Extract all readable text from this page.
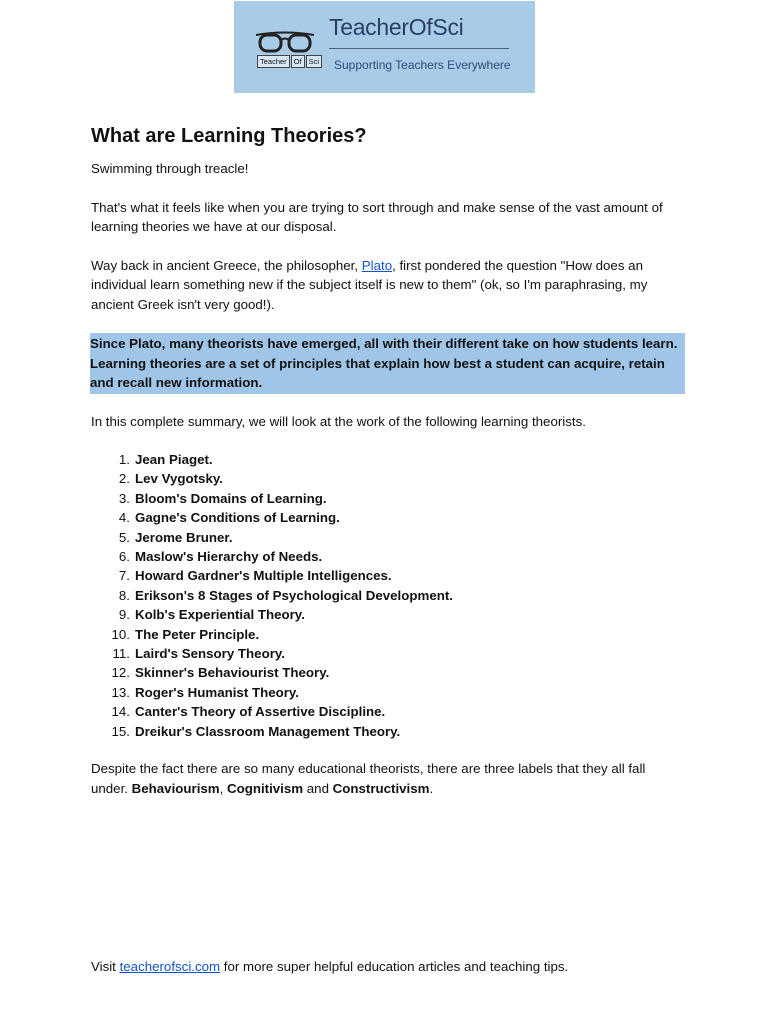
Teacher Of Sci
TeacherOfSci
Supporting Teachers Everywhere
What are Learning Theories?

Swimming through treacle!

That's what it feels like when you are trying to sort through and make sense of the vast amount of learning theories we have at our disposal.

Way back in ancient Greece, the philosopher, Plato, first pondered the question "How does an individual learn something new if the subject itself is new to them" (ok, so I'm paraphrasing, my ancient Greek isn't very good!).

Since Plato, many theorists have emerged, all with their different take on how students learn. Learning theories are a set of principles that explain how best a student can acquire, retain and recall new information.

In this complete summary, we will look at the work of the following learning theorists.

1. Jean Piaget.
2. Lev Vygotsky.
3. Bloom's Domains of Learning.
4. Gagne's Conditions of Learning.
5. Jerome Bruner.
6. Maslow's Hierarchy of Needs.
7. Howard Gardner's Multiple Intelligences.
8. Erikson's 8 Stages of Psychological Development.
9. Kolb's Experiential Theory.
10. The Peter Principle.
11. Laird's Sensory Theory.
12. Skinner's Behaviourist Theory.
13. Roger's Humanist Theory.
14. Canter's Theory of Assertive Discipline.
15. Dreikur's Classroom Management Theory.

Despite the fact there are so many educational theorists, there are three labels that they all fall under. Behaviourism, Cognitivism and Constructivism.

Visit teacherofsci.com for more super helpful education articles and teaching tips.
